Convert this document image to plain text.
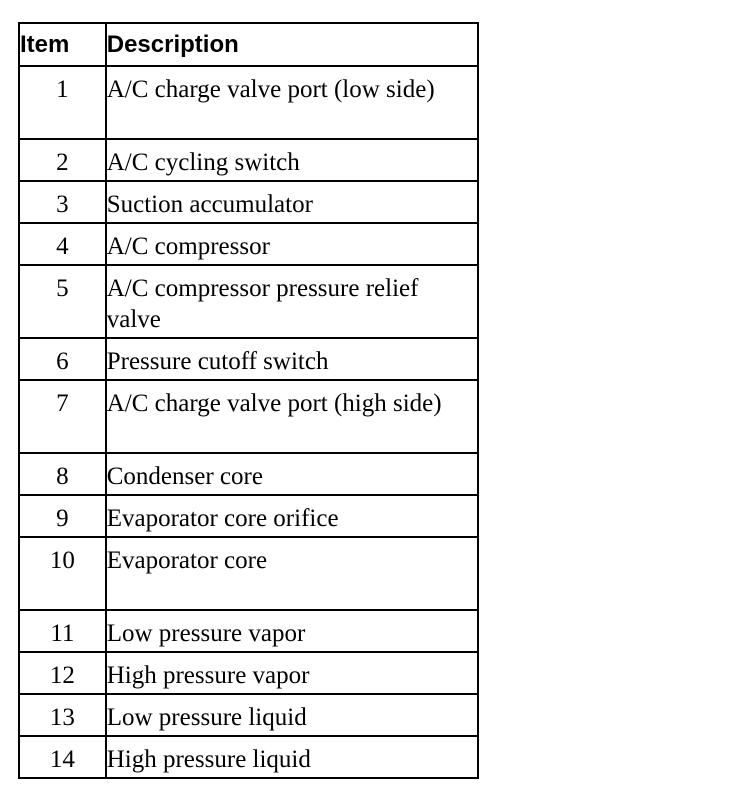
Item	Description
1	A/C charge valve port (low side)
2	A/C cycling switch
3	Suction accumulator
4	A/C compressor
5	A/C compressor pressure relief valve
6	Pressure cutoff switch
7	A/C charge valve port (high side)
8	Condenser core
9	Evaporator core orifice
10	Evaporator core
11	Low pressure vapor
12	High pressure vapor
13	Low pressure liquid
14	High pressure liquid
